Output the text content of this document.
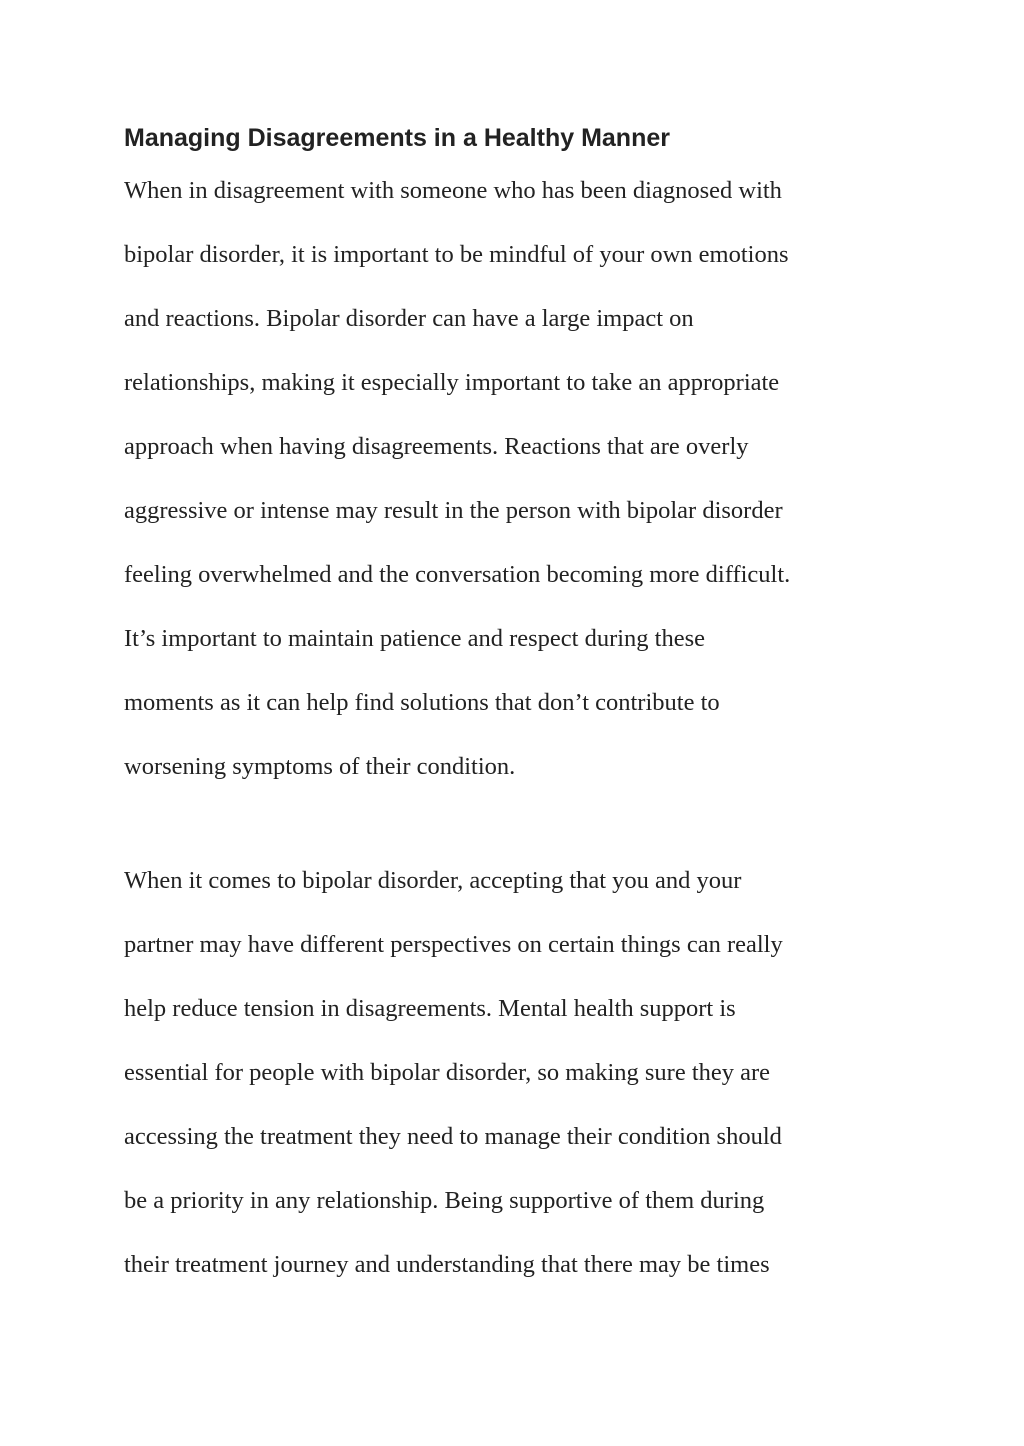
Managing Disagreements in a Healthy Manner
When in disagreement with someone who has been diagnosed with
bipolar disorder, it is important to be mindful of your own emotions
and reactions. Bipolar disorder can have a large impact on
relationships, making it especially important to take an appropriate
approach when having disagreements. Reactions that are overly
aggressive or intense may result in the person with bipolar disorder
feeling overwhelmed and the conversation becoming more difficult.
It’s important to maintain patience and respect during these
moments as it can help find solutions that don’t contribute to
worsening symptoms of their condition.
When it comes to bipolar disorder, accepting that you and your
partner may have different perspectives on certain things can really
help reduce tension in disagreements. Mental health support is
essential for people with bipolar disorder, so making sure they are
accessing the treatment they need to manage their condition should
be a priority in any relationship. Being supportive of them during
their treatment journey and understanding that there may be times
